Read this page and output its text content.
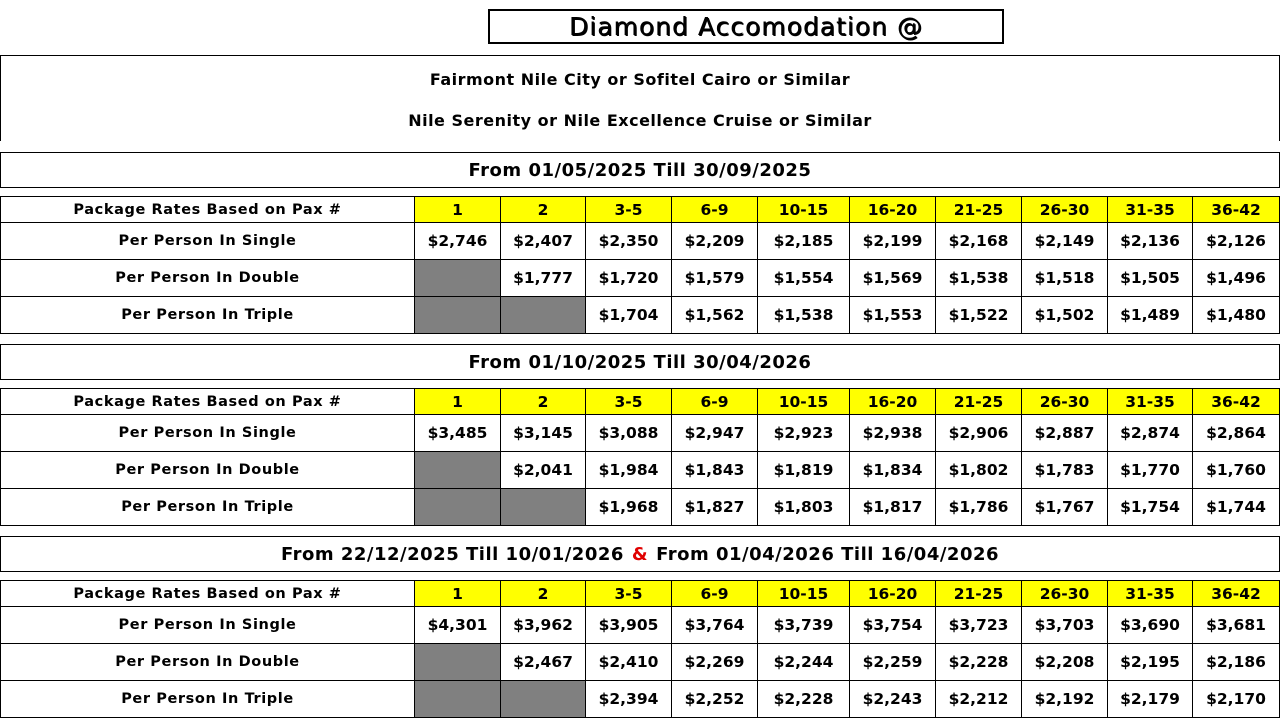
Diamond Accomodation @
Fairmont Nile City or Sofitel Cairo or Similar
Nile Serenity or Nile Excellence Cruise or Similar
From 01/05/2025 Till 30/09/2025
Package Rates Based on Pax #	1	2	3-5	6-9	10-15	16-20	21-25	26-30	31-35	36-42
Per Person In Single	$2,746	$2,407	$2,350	$2,209	$2,185	$2,199	$2,168	$2,149	$2,136	$2,126
Per Person In Double		$1,777	$1,720	$1,579	$1,554	$1,569	$1,538	$1,518	$1,505	$1,496
Per Person In Triple			$1,704	$1,562	$1,538	$1,553	$1,522	$1,502	$1,489	$1,480
From 01/10/2025 Till 30/04/2026
Package Rates Based on Pax #	1	2	3-5	6-9	10-15	16-20	21-25	26-30	31-35	36-42
Per Person In Single	$3,485	$3,145	$3,088	$2,947	$2,923	$2,938	$2,906	$2,887	$2,874	$2,864
Per Person In Double		$2,041	$1,984	$1,843	$1,819	$1,834	$1,802	$1,783	$1,770	$1,760
Per Person In Triple			$1,968	$1,827	$1,803	$1,817	$1,786	$1,767	$1,754	$1,744
From 22/12/2025 Till 10/01/2026 & From 01/04/2026 Till 16/04/2026
Package Rates Based on Pax #	1	2	3-5	6-9	10-15	16-20	21-25	26-30	31-35	36-42
Per Person In Single	$4,301	$3,962	$3,905	$3,764	$3,739	$3,754	$3,723	$3,703	$3,690	$3,681
Per Person In Double		$2,467	$2,410	$2,269	$2,244	$2,259	$2,228	$2,208	$2,195	$2,186
Per Person In Triple			$2,394	$2,252	$2,228	$2,243	$2,212	$2,192	$2,179	$2,170
